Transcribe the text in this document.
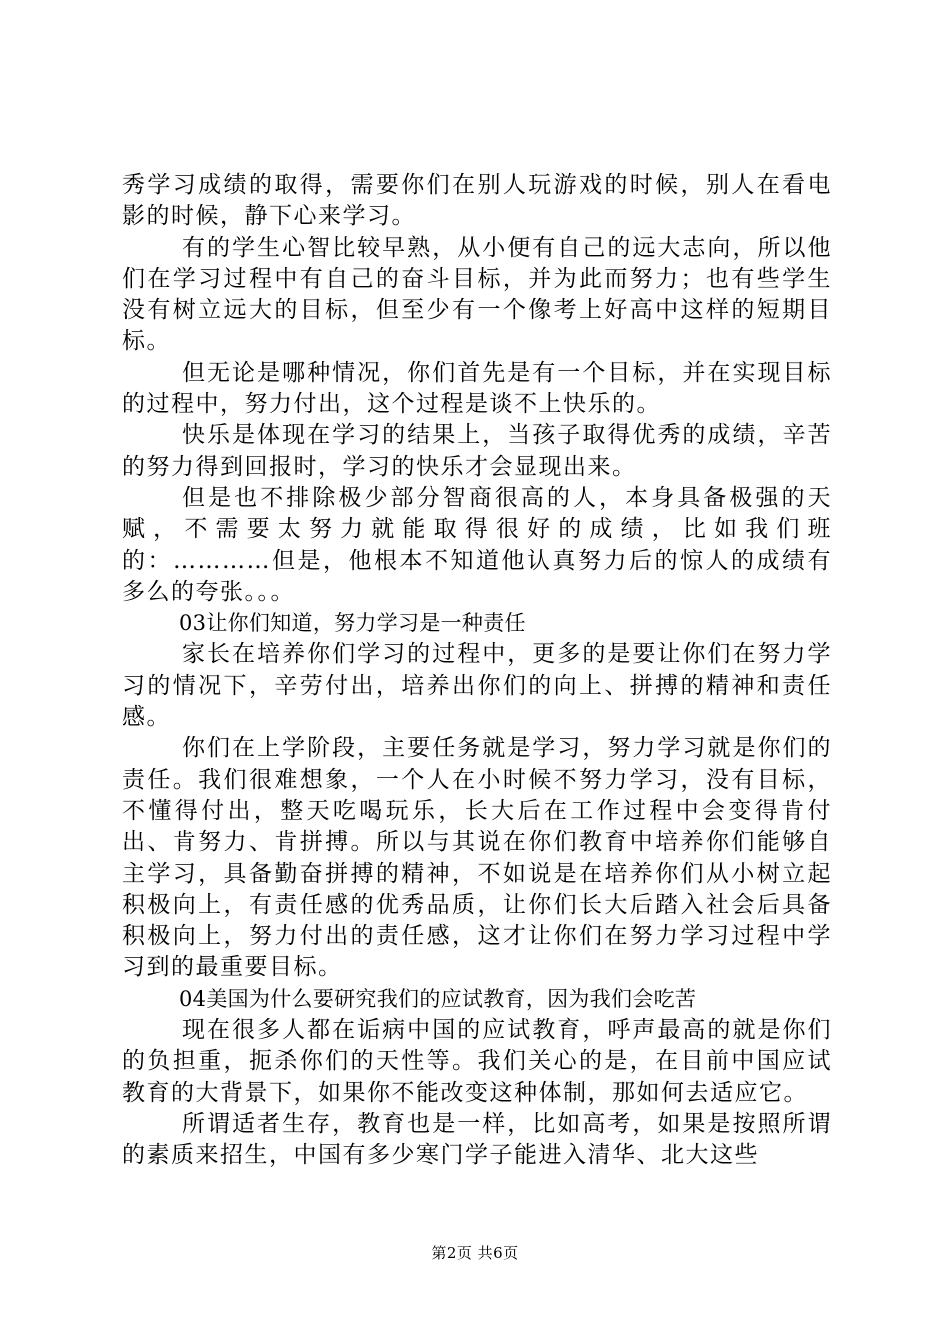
秀学习成绩的取得，需要你们在别人玩游戏的时候，别人在看电影的时候，静下心来学习。

有的学生心智比较早熟，从小便有自己的远大志向，所以他们在学习过程中有自己的奋斗目标，并为此而努力；也有些学生没有树立远大的目标，但至少有一个像考上好高中这样的短期目标。

但无论是哪种情况，你们首先是有一个目标，并在实现目标的过程中，努力付出，这个过程是谈不上快乐的。

快乐是体现在学习的结果上，当孩子取得优秀的成绩，辛苦的努力得到回报时，学习的快乐才会显现出来。

但是也不排除极少部分智商很高的人，本身具备极强的天赋，不需要太努力就能取得很好的成绩，比如我们班的：…………但是，他根本不知道他认真努力后的惊人的成绩有多么的夸张。。。

03让你们知道，努力学习是一种责任

家长在培养你们学习的过程中，更多的是要让你们在努力学习的情况下，辛劳付出，培养出你们的向上、拼搏的精神和责任感。

你们在上学阶段，主要任务就是学习，努力学习就是你们的责任。我们很难想象，一个人在小时候不努力学习，没有目标，不懂得付出，整天吃喝玩乐，长大后在工作过程中会变得肯付出、肯努力、肯拼搏。所以与其说在你们教育中培养你们能够自主学习，具备勤奋拼搏的精神，不如说是在培养你们从小树立起积极向上，有责任感的优秀品质，让你们长大后踏入社会后具备积极向上，努力付出的责任感，这才让你们在努力学习过程中学习到的最重要目标。

04美国为什么要研究我们的应试教育，因为我们会吃苦

现在很多人都在诟病中国的应试教育，呼声最高的就是你们的负担重，扼杀你们的天性等。我们关心的是，在目前中国应试教育的大背景下，如果你不能改变这种体制，那如何去适应它。

所谓适者生存，教育也是一样，比如高考，如果是按照所谓的素质来招生，中国有多少寒门学子能进入清华、北大这些

第2页 共6页
